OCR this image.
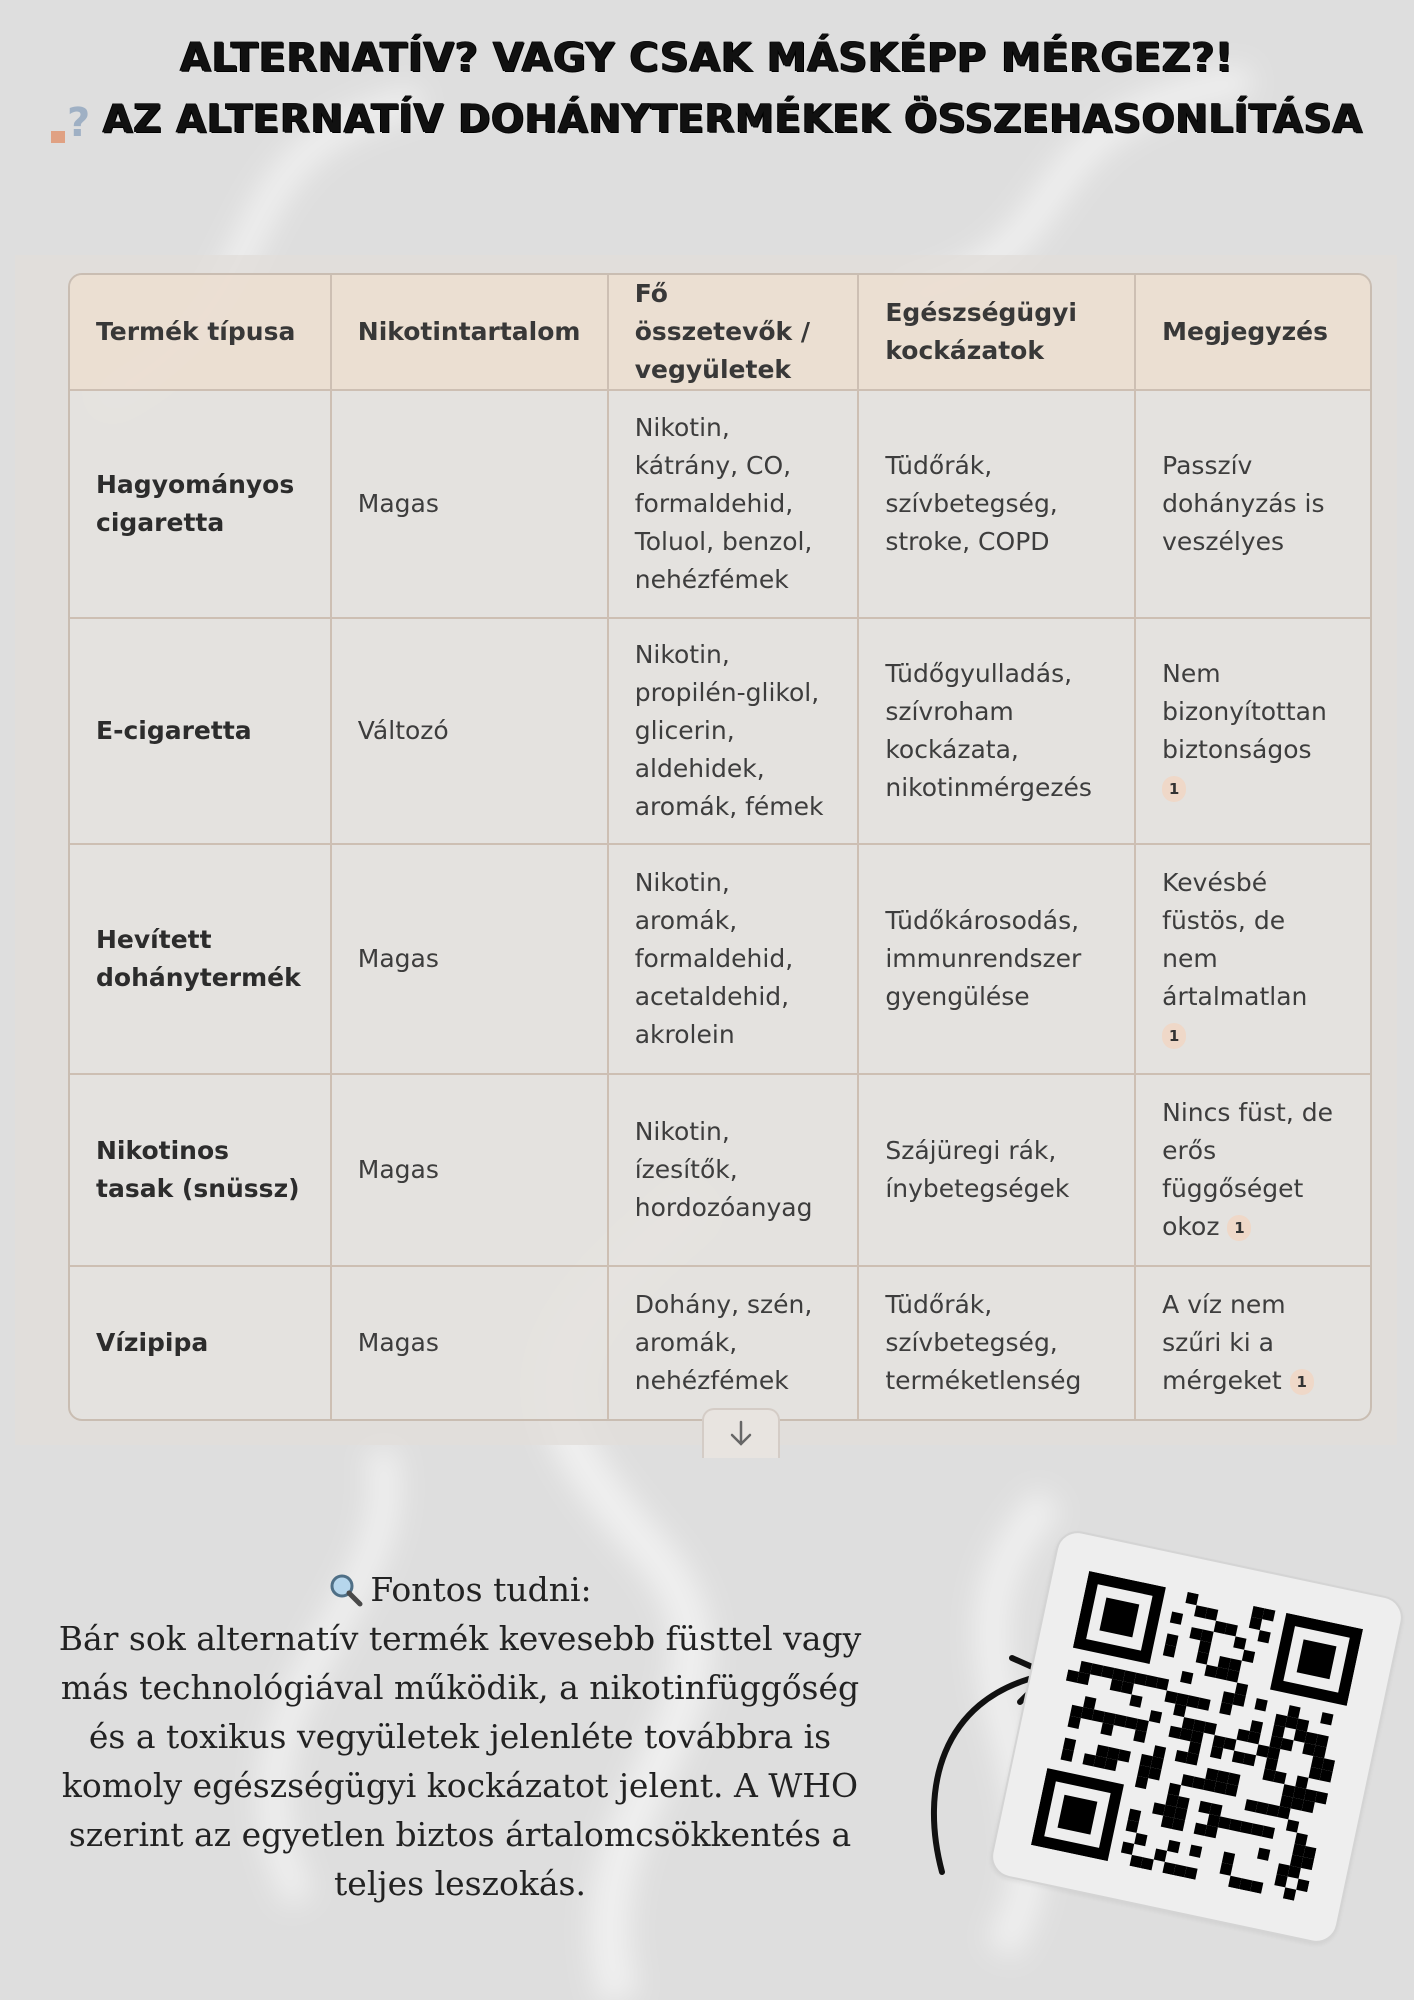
ALTERNATÍV? VAGY CSAK MÁSKÉPP MÉRGEZ?!
? AZ ALTERNATÍV DOHÁNYTERMÉKEK ÖSSZEHASONLÍTÁSA
Termék típusa	Nikotintartalom	Fő összetevők / vegyületek	Egészségügyi kockázatok	Megjegyzés
Hagyományos cigaretta	Magas	Nikotin, kátrány, CO, formaldehid, Toluol, benzol, nehézfémek	Tüdőrák, szívbetegség, stroke, COPD	Passzív dohányzás is veszélyes
E-cigaretta	Változó	Nikotin, propilén-glikol, glicerin, aldehidek, aromák, fémek	Tüdőgyulladás, szívroham kockázata, nikotinmérgezés	Nem bizonyítottan biztonságos
1
Hevített dohánytermék	Magas	Nikotin, aromák, formaldehid, acetaldehid, akrolein	Tüdőkárosodás, immunrendszer gyengülése	Kevésbé füstös, de nem ártalmatlan
1
Nikotinos tasak (snüssz)	Magas	Nikotin, ízesítők, hordozóanyag	Szájüregi rák, ínybetegségek	Nincs füst, de erős függőséget okoz 1
Vízipipa	Magas	Dohány, szén, aromák, nehézfémek	Tüdőrák, szívbetegség, terméketlenség	A víz nem szűri ki a mérgeket 1
Fontos tudni:
Bár sok alternatív termék kevesebb füsttel vagy más technológiával működik, a nikotinfüggőség és a toxikus vegyületek jelenléte továbbra is komoly egészségügyi kockázatot jelent. A WHO szerint az egyetlen biztos ártalomcsökkentés a teljes leszokás.
